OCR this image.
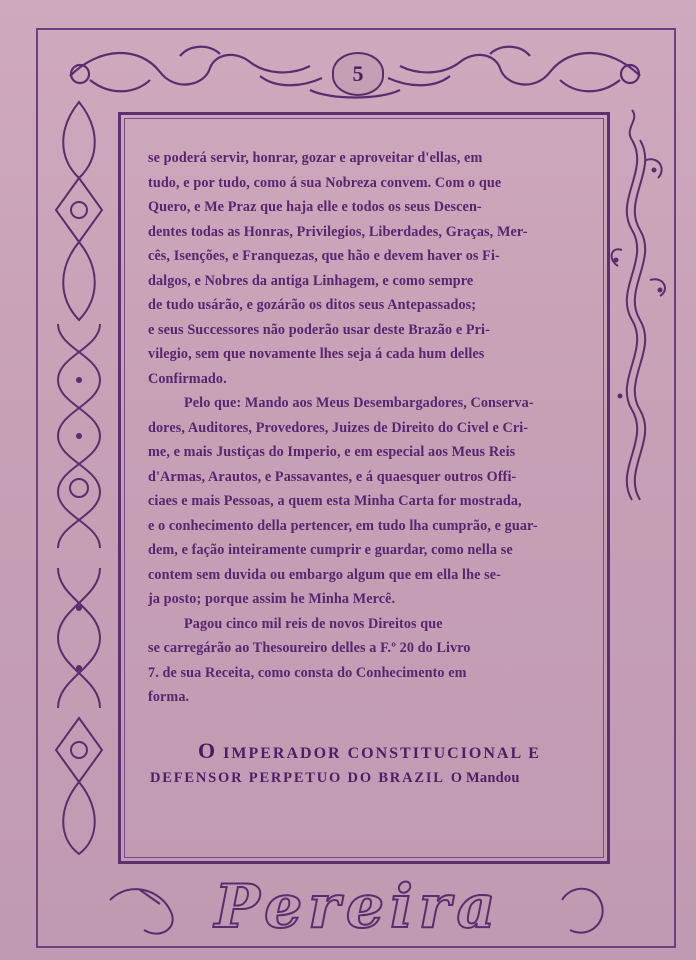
5

se poderá servir, honrar, gozar e aproveitar d'ellas, em

tudo, e por tudo, como á sua Nobreza convem. Com o que

Quero, e Me Praz que haja elle e todos os seus Descen-

dentes todas as Honras, Privilegios, Liberdades, Graças, Mer-

cês, Isenções, e Franquezas, que hão e devem haver os Fi-

dalgos, e Nobres da antiga Linhagem, e como sempre

de tudo usárão, e gozárão os ditos seus Antepassados;

e seus Successores não poderão usar deste Brazão e Pri-

vilegio, sem que novamente lhes seja á cada hum delles

Confirmado.

Pelo que: Mando aos Meus Desembargadores, Conserva-

dores, Auditores, Provedores, Juizes de Direito do Civel e Cri-

me, e mais Justiças do Imperio, e em especial aos Meus Reis

d'Armas, Arautos, e Passavantes, e á quaesquer outros Offi-

ciaes e mais Pessoas, a quem esta Minha Carta for mostrada,

e o conhecimento della pertencer, em tudo lha cumprão, e guar-

dem, e fação inteiramente cumprir e guardar, como nella se

contem sem duvida ou embargo algum que em ella lhe se-

ja posto; porque assim he Minha Mercê.

Pagou cinco mil reis de novos Direitos que

se carregárão ao Thesoureiro delles a F.º 20 do Livro

7. de sua Receita, como consta do Conhecimento em

forma.

O IMPERADOR CONSTITUCIONAL E
DEFENSOR PERPETUO DO BRAZIL O Mandou
Pereira
